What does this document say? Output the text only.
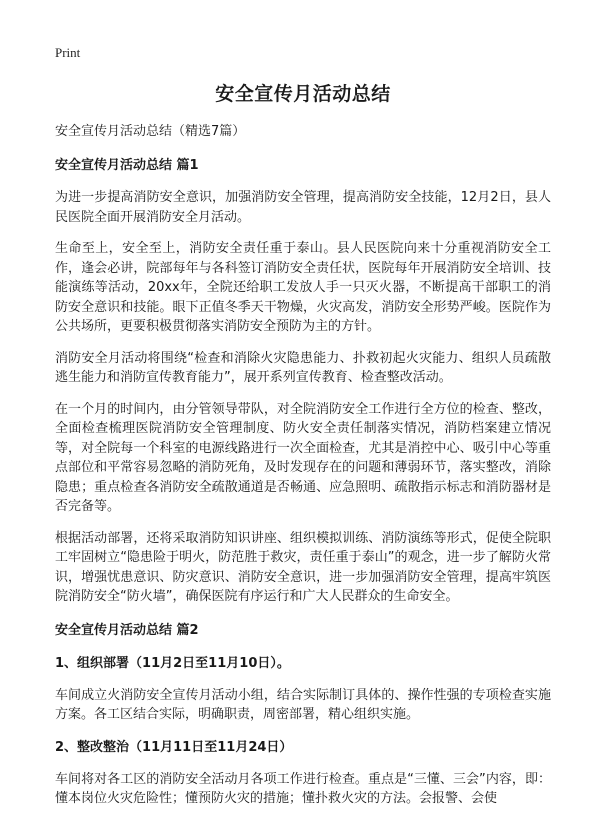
Print
安全宣传月活动总结

安全宣传月活动总结（精选7篇）

安全宣传月活动总结 篇1

为进一步提高消防安全意识，加强消防安全管理，提高消防安全技能，12月2日，县人民医院全面开展消防安全月活动。

生命至上，安全至上，消防安全责任重于泰山。县人民医院向来十分重视消防安全工作，逢会必讲，院部每年与各科签订消防安全责任状，医院每年开展消防安全培训、技能演练等活动，20xx年，全院还给职工发放人手一只灭火器，不断提高干部职工的消防安全意识和技能。眼下正值冬季天干物燥，火灾高发，消防安全形势严峻。医院作为公共场所，更要积极贯彻落实消防安全预防为主的方针。

消防安全月活动将围绕“检查和消除火灾隐患能力、扑救初起火灾能力、组织人员疏散逃生能力和消防宣传教育能力”，展开系列宣传教育、检查整改活动。

在一个月的时间内，由分管领导带队，对全院消防安全工作进行全方位的检查、整改，全面检查梳理医院消防安全管理制度、防火安全责任制落实情况，消防档案建立情况等，对全院每一个科室的电源线路进行一次全面检查，尤其是消控中心、吸引中心等重点部位和平常容易忽略的消防死角，及时发现存在的问题和薄弱环节，落实整改，消除隐患；重点检查各消防安全疏散通道是否畅通、应急照明、疏散指示标志和消防器材是否完备等。

根据活动部署，还将采取消防知识讲座、组织模拟训练、消防演练等形式，促使全院职工牢固树立“隐患险于明火，防范胜于救灾，责任重于泰山”的观念，进一步了解防火常识，增强忧患意识、防灾意识、消防安全意识，进一步加强消防安全管理，提高牢筑医院消防安全“防火墙”，确保医院有序运行和广大人民群众的生命安全。

安全宣传月活动总结 篇2
1、组织部署（11月2日至11月10日）。

车间成立火消防安全宣传月活动小组，结合实际制订具体的、操作性强的专项检查实施方案。各工区结合实际，明确职责，周密部署，精心组织实施。

2、整改整治（11月11日至11月24日）

车间将对各工区的消防安全活动月各项工作进行检查。重点是“三懂、三会”内容，即：懂本岗位火灾危险性；懂预防火灾的措施；懂扑救火灾的方法。会报警、会使
